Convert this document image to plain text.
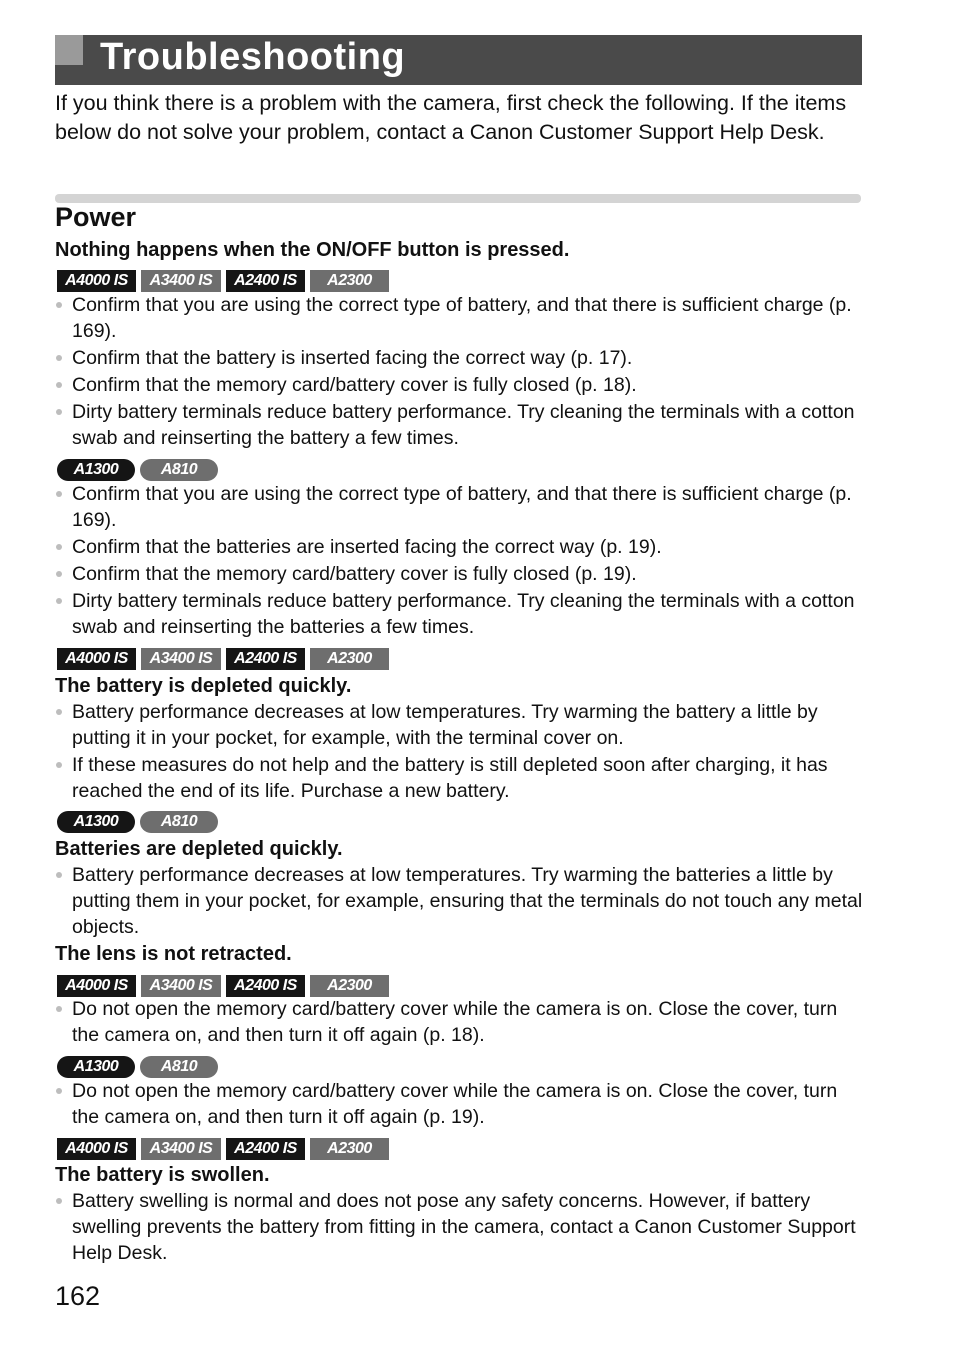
Troubleshooting
If you think there is a problem with the camera, first check the following. If the items below do not solve your problem, contact a Canon Customer Support Help Desk.
Power
Nothing happens when the ON/OFF button is pressed.
A4000 IS	A3400 IS	A2400 IS	A2300
Confirm that you are using the correct type of battery, and that there is sufficient charge (p. 169).
Confirm that the battery is inserted facing the correct way (p. 17).
Confirm that the memory card/battery cover is fully closed (p. 18).
Dirty battery terminals reduce battery performance. Try cleaning the terminals with a cotton swab and reinserting the battery a few times.
A1300	A810
Confirm that you are using the correct type of battery, and that there is sufficient charge (p. 169).
Confirm that the batteries are inserted facing the correct way (p. 19).
Confirm that the memory card/battery cover is fully closed (p. 19).
Dirty battery terminals reduce battery performance. Try cleaning the terminals with a cotton swab and reinserting the batteries a few times.
A4000 IS	A3400 IS	A2400 IS	A2300
The battery is depleted quickly.
Battery performance decreases at low temperatures. Try warming the battery a little by putting it in your pocket, for example, with the terminal cover on.
If these measures do not help and the battery is still depleted soon after charging, it has reached the end of its life. Purchase a new battery.
A1300	A810
Batteries are depleted quickly.
Battery performance decreases at low temperatures. Try warming the batteries a little by putting them in your pocket, for example, ensuring that the terminals do not touch any metal objects.
The lens is not retracted.
A4000 IS	A3400 IS	A2400 IS	A2300
Do not open the memory card/battery cover while the camera is on. Close the cover, turn the camera on, and then turn it off again (p. 18).
A1300	A810
Do not open the memory card/battery cover while the camera is on. Close the cover, turn the camera on, and then turn it off again (p. 19).
A4000 IS	A3400 IS	A2400 IS	A2300
The battery is swollen.
Battery swelling is normal and does not pose any safety concerns. However, if battery swelling prevents the battery from fitting in the camera, contact a Canon Customer Support Help Desk.
162
